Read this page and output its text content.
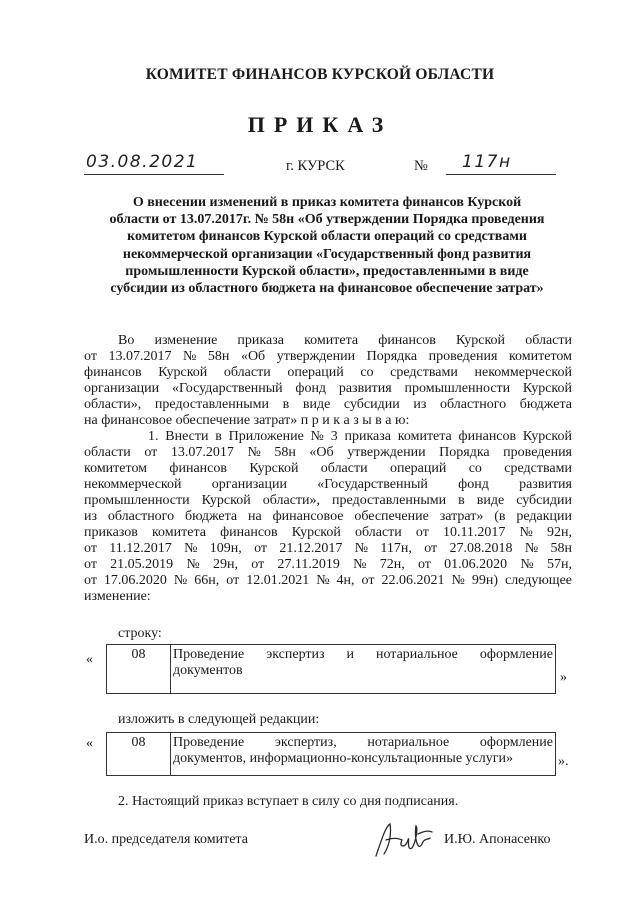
КОМИТЕТ ФИНАНСОВ КУРСКОЙ ОБЛАСТИ
ПРИКАЗ
03.08.2021	г. КУРСК	№ 117н
О внесении изменений в приказ комитета финансов Курской
области от 13.07.2017г. № 58н «Об утверждении Порядка проведения
комитетом финансов Курской области операций со средствами
некоммерческой организации «Государственный фонд развития
промышленности Курской области», предоставленными в виде
субсидии из областного бюджета на финансовое обеспечение затрат»
Во изменение приказа комитета финансов Курской области
от 13.07.2017 № 58н «Об утверждении Порядка проведения комитетом
финансов Курской области операций со средствами некоммерческой
организации «Государственный фонд развития промышленности Курской
области», предоставленными в виде субсидии из областного бюджета
на финансовое обеспечение затрат» п р и к а з ы в а ю:
1. Внести в Приложение № 3 приказа комитета финансов Курской
области от 13.07.2017 № 58н «Об утверждении Порядка проведения
комитетом финансов Курской области операций со средствами
некоммерческой организации «Государственный фонд развития
промышленности Курской области», предоставленными в виде субсидии
из областного бюджета на финансовое обеспечение затрат» (в редакции
приказов комитета финансов Курской области от 10.11.2017 № 92н,
от 11.12.2017 № 109н, от 21.12.2017 № 117н, от 27.08.2018 № 58н
от 21.05.2019 № 29н, от 27.11.2019 № 72н, от 01.06.2020 № 57н,
от 17.06.2020 № 66н, от 12.01.2021 № 4н, от 22.06.2021 № 99н) следующее
изменение:
строку:
«	08	Проведение экспертиз и нотариальное оформление
документов	»
изложить в следующей редакции:
«	08	Проведение экспертиз, нотариальное оформление
документов, информационно-консультационные услуги»	».
2. Настоящий приказ вступает в силу со дня подписания.
И.о. председателя комитета	И.Ю. Апонасенко
